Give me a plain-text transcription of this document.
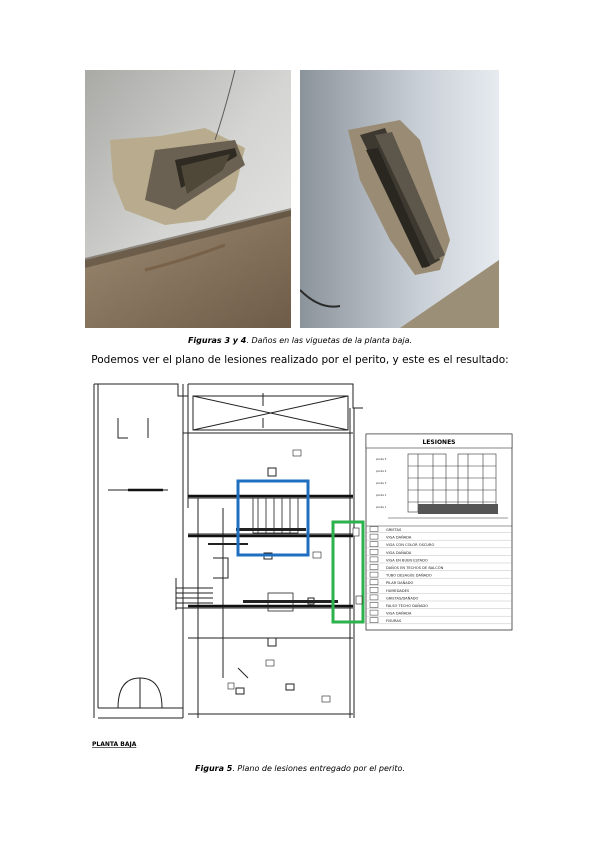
Figuras 3 y 4. Daños en las viguetas de la planta baja.
Podemos ver el plano de lesiones realizado por el perito, y este es el resultado:
LESIONES
planta 5
planta 4
planta 3
planta 2
planta 1
GRIETAS
VIGA DAÑADA
VIGA CON COLOR OSCURO
VIGA DAÑADA
VIGA EN BUEN ESTADO
DAÑOS EN TECHOS DE BALCÓN
TUBO DESAGÜE DAÑADO
PILAR DAÑADO
HUMEDADES
GRIETAS/DAÑADO
FALSO TECHO DAÑADO
VIGA DAÑADA
FISURAS
PLANTA BAJA
Figura 5. Plano de lesiones entregado por el perito.
